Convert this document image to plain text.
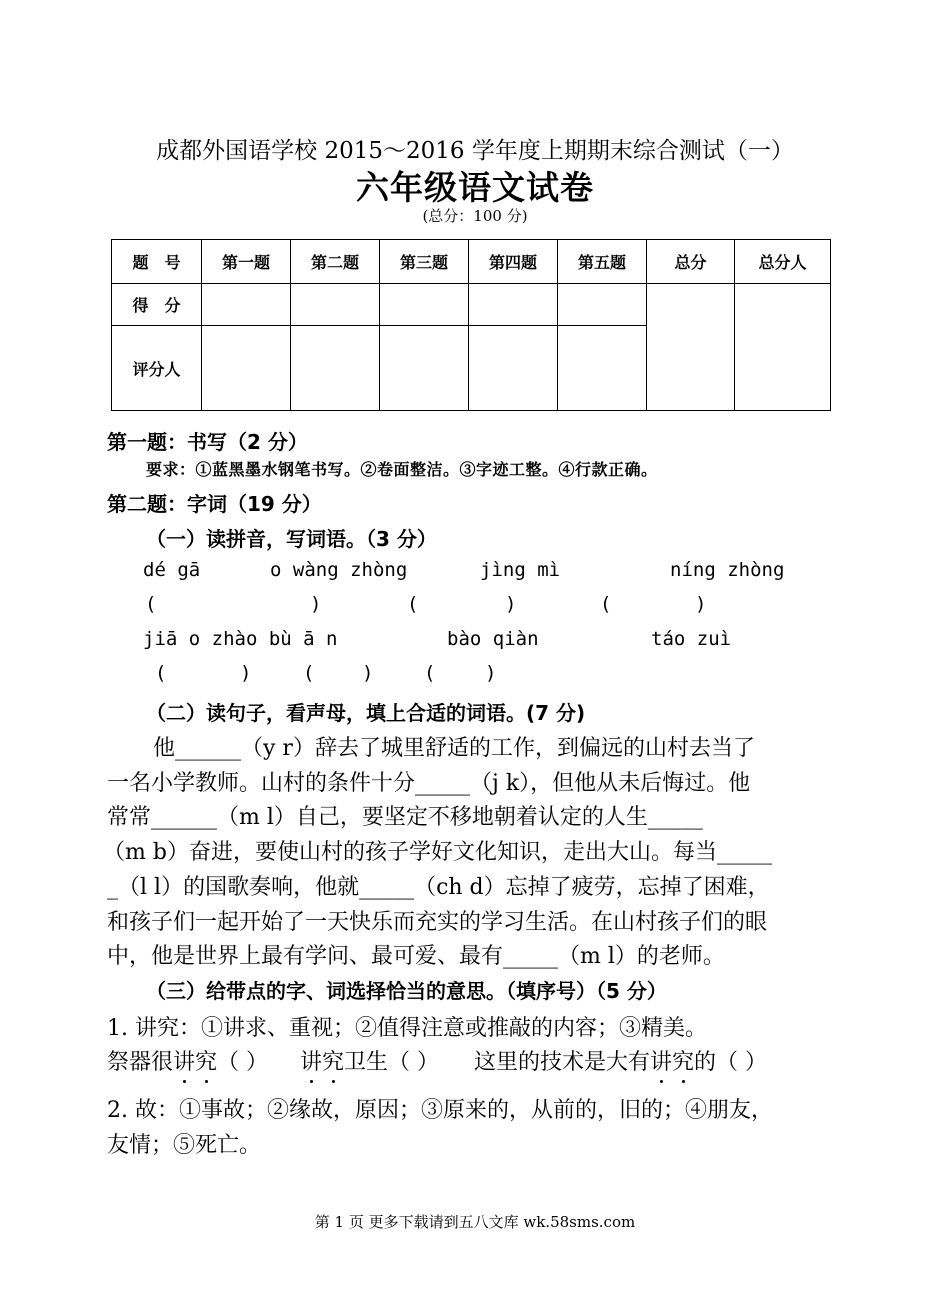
成都外国语学校 2015～2016 学年度上期期末综合测试（一）
六年级语文试卷
(总分：100 分)
题　号	第一题	第二题	第三题	第四题	第五题	总分	总分人
得　分							
评分人							
第一题：书写（2 分）
要求：①蓝黑墨水钢笔书写。②卷面整洁。③字迹工整。④行款正确。
第二题：字词（19 分）
（一）读拼音，写词语。（3 分）
dé gā	o wàng zhòng	jìng mì	níng zhòng
(	)	(	)	(	)
jiā o zhào bù ā n	bào qiàn	táo zuì
(	)	(	)	(	)
（二）读句子，看声母，填上合适的词语。(7 分)
他______（y r）辞去了城里舒适的工作，到偏远的山村去当了
一名小学教师。山村的条件十分_____（j k），但他从未后悔过。他
常常______（m l）自己，要坚定不移地朝着认定的人生_____
（m b）奋进，要使山村的孩子学好文化知识，走出大山。每当_____
_（l l）的国歌奏响，他就_____（ch d）忘掉了疲劳，忘掉了困难，
和孩子们一起开始了一天快乐而充实的学习生活。在山村孩子们的眼
中，他是世界上最有学问、最可爱、最有_____（m l）的老师。
（三）给带点的字、词选择恰当的意思。（填序号）（5 分）
1. 讲究：①讲求、重视；②值得注意或推敲的内容；③精美。
祭器很讲究（ ） 讲究卫生（ ） 这里的技术是大有讲究的（ ）
2. 故：①事故；②缘故，原因；③原来的，从前的，旧的；④朋友，
友情；⑤死亡。
第 1 页 更多下载请到五八文库 wk.58sms.com
